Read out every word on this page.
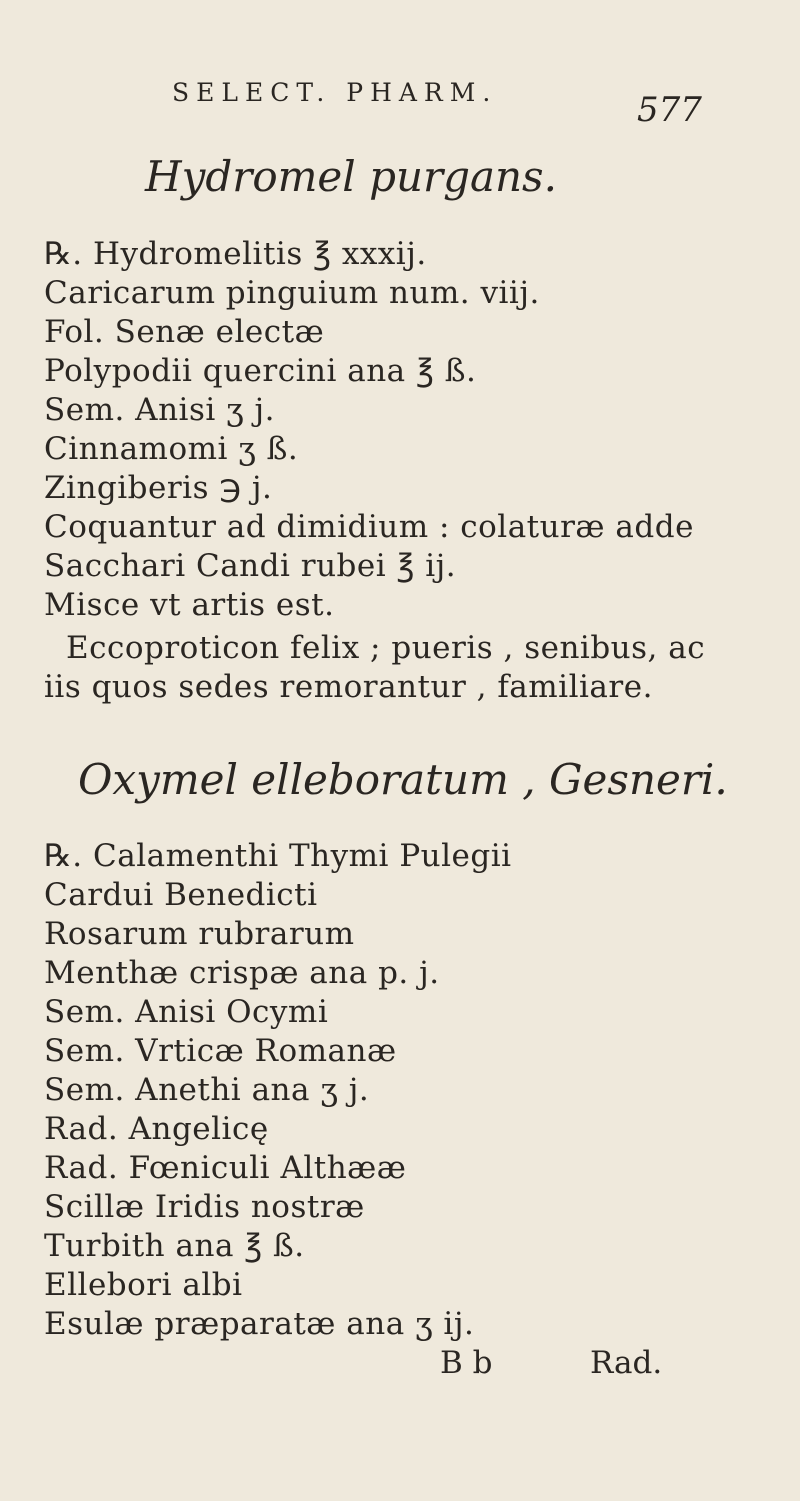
SELECT. PHARM.	577
Hydromel purgans.
℞. Hydromelitis ℥ xxxij.
Caricarum pinguium num. viij.
Fol. Senæ electæ
Polypodii quercini ana ℥ ß.
Sem. Anisi ʒ j.
Cinnamomi ʒ ß.
Zingiberis ℈ j.
Coquantur ad dimidium : colaturæ adde
Sacchari Candi rubei ℥ ij.
Misce vt artis est.
Eccoproticon felix ; pueris , senibus, ac
iis quos sedes remorantur , familiare.
Oxymel elleboratum , Gesneri.
℞. Calamenthi Thymi Pulegii
Cardui Benedicti
Rosarum rubrarum
Menthæ crispæ ana p. j.
Sem. Anisi Ocymi
Sem. Vrticæ Romanæ
Sem. Anethi ana ʒ j.
Rad. Angelicę
Rad. Fœniculi Althææ
Scillæ Iridis nostræ
Turbith ana ℥ ß.
Ellebori albi
Esulæ præparatæ ana ʒ ij.
B b	Rad.
